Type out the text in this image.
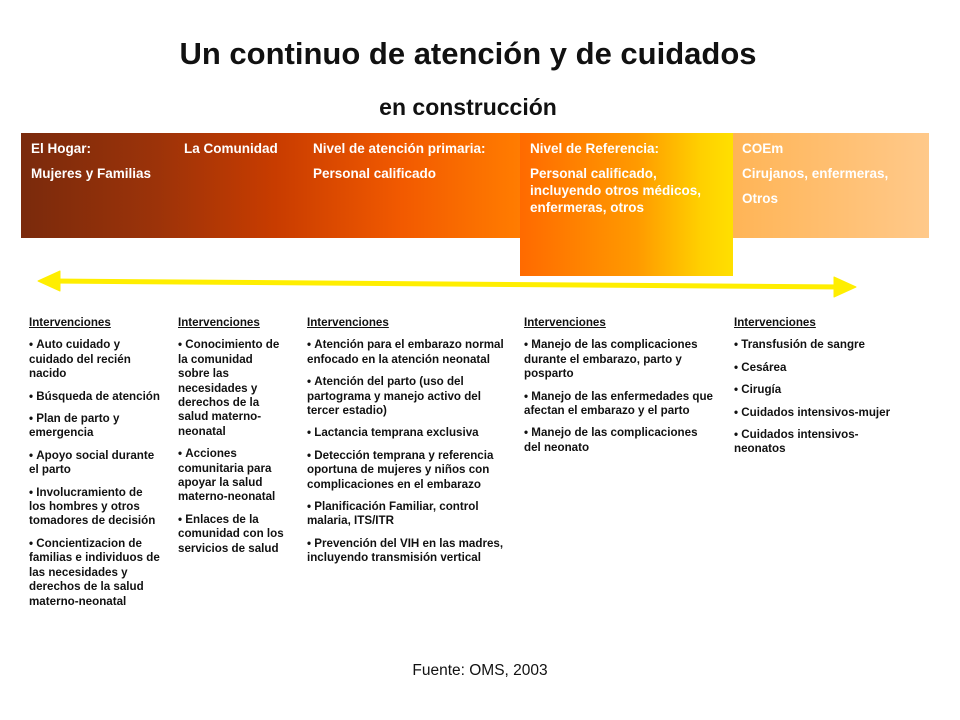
Un continuo de atención y de cuidados
en construcción
El Hogar:
Mujeres y Familias
La Comunidad	Nivel de atención primaria:
Personal calificado
Nivel de Referencia:
Personal calificado, incluyendo otros médicos, enfermeras, otros
COEm
Cirujanos, enfermeras,
Otros
Intervenciones
• Auto cuidado y cuidado del recién nacido
• Búsqueda de atención
• Plan de parto y emergencia
• Apoyo social durante el parto
• Involucramiento de los hombres y otros tomadores de decisión
• Concientizacion de familias e individuos de las necesidades y derechos de la salud materno-neonatal
Intervenciones
• Conocimiento de la comunidad sobre las necesidades y derechos de la salud materno-neonatal
• Acciones comunitaria para apoyar la salud materno-neonatal
• Enlaces de la comunidad con los servicios de salud
Intervenciones
• Atención para el embarazo normal enfocado en la atención neonatal
• Atención del parto (uso del partograma y manejo activo del tercer estadio)
• Lactancia temprana exclusiva
• Detección temprana y referencia oportuna de mujeres y niños con complicaciones en el embarazo
• Planificación Familiar, control malaria, ITS/ITR
• Prevención del VIH en las madres, incluyendo transmisión vertical
Intervenciones
• Manejo de las complicaciones durante el embarazo, parto y posparto
• Manejo de las enfermedades que afectan el embarazo y el parto
• Manejo de las complicaciones del neonato
Intervenciones
• Transfusión de sangre
• Cesárea
• Cirugía
• Cuidados intensivos-mujer
• Cuidados intensivos-neonatos
Fuente: OMS, 2003
